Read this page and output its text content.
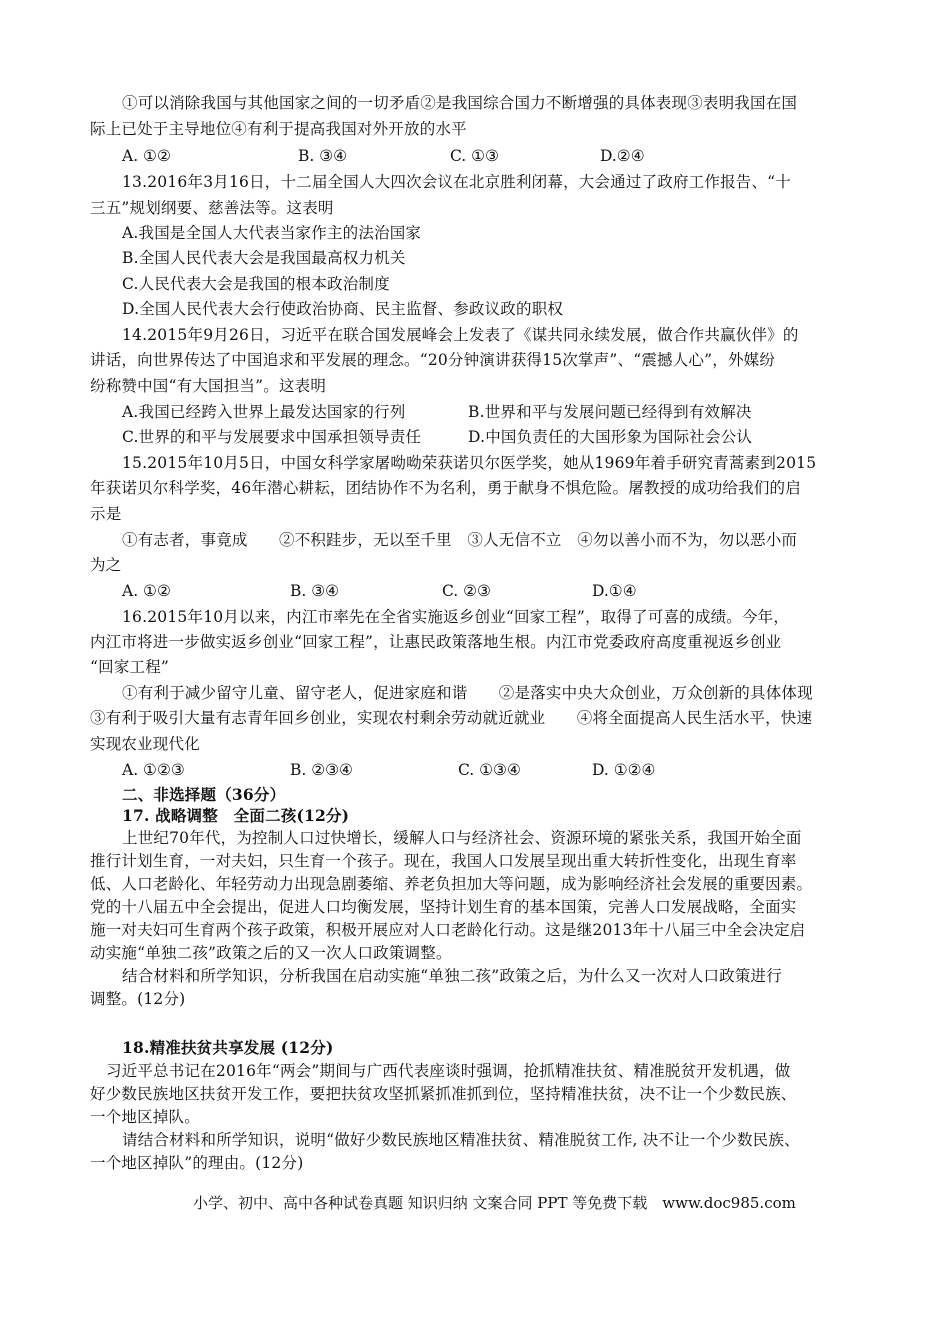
①可以消除我国与其他国家之间的一切矛盾②是我国综合国力不断增强的具体表现③表明我国在国
际上已处于主导地位④有利于提高我国对外开放的水平
A. ①②	B. ③④	C. ①③	D.②④
13.2016年3月16日，十二届全国人大四次会议在北京胜利闭幕，大会通过了政府工作报告、“十
三五”规划纲要、慈善法等。这表明
A.我国是全国人大代表当家作主的法治国家
B.全国人民代表大会是我国最高权力机关
C.人民代表大会是我国的根本政治制度
D.全国人民代表大会行使政治协商、民主监督、参政议政的职权
14.2015年9月26日，习近平在联合国发展峰会上发表了《谋共同永续发展，做合作共赢伙伴》的
讲话，向世界传达了中国追求和平发展的理念。“20分钟演讲获得15次掌声”、“震撼人心”，外媒纷
纷称赞中国“有大国担当”。这表明
A.我国已经跨入世界上最发达国家的行列	B.世界和平与发展问题已经得到有效解决
C.世界的和平与发展要求中国承担领导责任	D.中国负责任的大国形象为国际社会公认
15.2015年10月5日，中国女科学家屠呦呦荣获诺贝尔医学奖，她从1969年着手研究青蒿素到2015
年获诺贝尔科学奖，46年潜心耕耘，团结协作不为名利，勇于献身不惧危险。屠教授的成功给我们的启
示是
①有志者，事竟成　　②不积跬步，无以至千里　③人无信不立　④勿以善小而不为，勿以恶小而
为之
A. ①②	B. ③④	C. ②③	D.①④
16.2015年10月以来，内江市率先在全省实施返乡创业“回家工程”，取得了可喜的成绩。今年，
内江市将进一步做实返乡创业“回家工程”，让惠民政策落地生根。内江市党委政府高度重视返乡创业
“回家工程”
①有利于减少留守儿童、留守老人，促进家庭和谐　　②是落实中央大众创业，万众创新的具体体现
③有利于吸引大量有志青年回乡创业，实现农村剩余劳动就近就业　　④将全面提高人民生活水平，快速
实现农业现代化
A. ①②③	B. ②③④	C. ①③④	D. ①②④
二、非选择题（36分）
17. 战略调整　全面二孩(12分)
上世纪70年代，为控制人口过快增长，缓解人口与经济社会、资源环境的紧张关系，我国开始全面
推行计划生育，一对夫妇，只生育一个孩子。现在，我国人口发展呈现出重大转折性变化，出现生育率
低、人口老龄化、年轻劳动力出现急剧萎缩、养老负担加大等问题，成为影响经济社会发展的重要因素。
党的十八届五中全会提出，促进人口均衡发展，坚持计划生育的基本国策，完善人口发展战略，全面实
施一对夫妇可生育两个孩子政策，积极开展应对人口老龄化行动。这是继2013年十八届三中全会决定启
动实施“单独二孩”政策之后的又一次人口政策调整。
结合材料和所学知识，分析我国在启动实施“单独二孩”政策之后，为什么又一次对人口政策进行
调整。(12分)
18.精准扶贫共享发展 (12分)
习近平总书记在2016年“两会”期间与广西代表座谈时强调，抢抓精准扶贫、精准脱贫开发机遇，做
好少数民族地区扶贫开发工作，要把扶贫攻坚抓紧抓准抓到位，坚持精准扶贫，决不让一个少数民族、
一个地区掉队。
请结合材料和所学知识，说明“做好少数民族地区精准扶贫、精准脱贫工作, 决不让一个少数民族、
一个地区掉队”的理由。(12分)
小学、初中、高中各种试卷真题 知识归纳 文案合同 PPT 等免费下载　www.doc985.com
